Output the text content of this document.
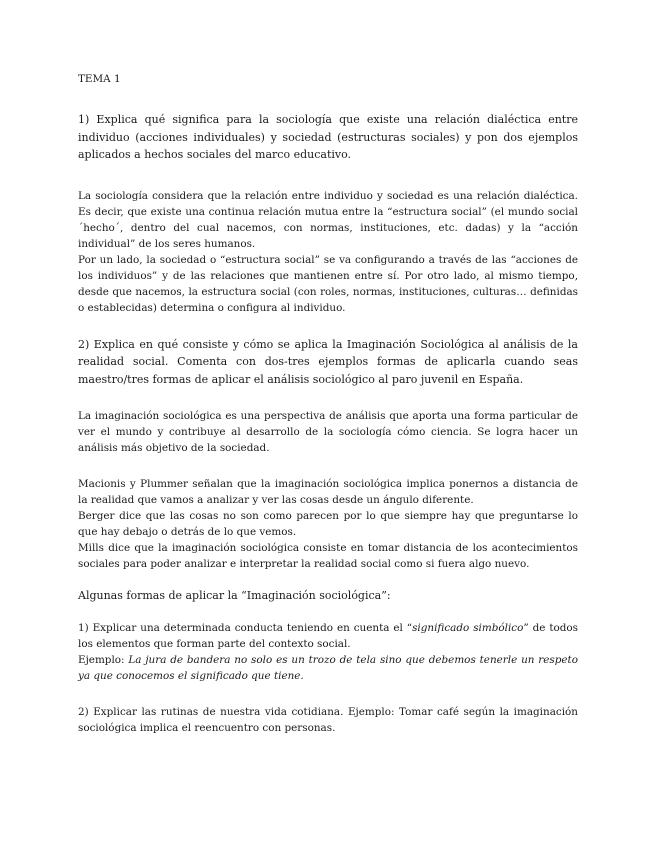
TEMA 1

1) Explica qué significa para la sociología que existe una relación dialéctica entre individuo (acciones individuales) y sociedad (estructuras sociales) y pon dos ejemplos aplicados a hechos sociales del marco educativo.

La sociología considera que la relación entre individuo y sociedad es una relación dialéctica. Es decir, que existe una continua relación mutua entre la “estructura social” (el mundo social ´hecho´, dentro del cual nacemos, con normas, instituciones, etc. dadas) y la “acción individual” de los seres humanos.

Por un lado, la sociedad o “estructura social” se va configurando a través de las “acciones de los individuos” y de las relaciones que mantienen entre sí. Por otro lado, al mismo tiempo, desde que nacemos, la estructura social (con roles, normas, instituciones, culturas… definidas o establecidas) determina o configura al individuo.

2) Explica en qué consiste y cómo se aplica la Imaginación Sociológica al análisis de la realidad social. Comenta con dos-tres ejemplos formas de aplicarla cuando seas maestro/tres formas de aplicar el análisis sociológico al paro juvenil en España.

La imaginación sociológica es una perspectiva de análisis que aporta una forma particular de ver el mundo y contribuye al desarrollo de la sociología cómo ciencia. Se logra hacer un análisis más objetivo de la sociedad.

Macionis y Plummer señalan que la imaginación sociológica implica ponernos a distancia de la realidad que vamos a analizar y ver las cosas desde un ángulo diferente.

Berger dice que las cosas no son como parecen por lo que siempre hay que preguntarse lo que hay debajo o detrás de lo que vemos.

Mills dice que la imaginación sociológica consiste en tomar distancia de los acontecimientos sociales para poder analizar e interpretar la realidad social como si fuera algo nuevo.

Algunas formas de aplicar la “Imaginación sociológica”:

1) Explicar una determinada conducta teniendo en cuenta el “significado simbólico” de todos los elementos que forman parte del contexto social.

Ejemplo: La jura de bandera no solo es un trozo de tela sino que debemos tenerle un respeto ya que conocemos el significado que tiene.

2) Explicar las rutinas de nuestra vida cotidiana. Ejemplo: Tomar café según la imaginación sociológica implica el reencuentro con personas.
